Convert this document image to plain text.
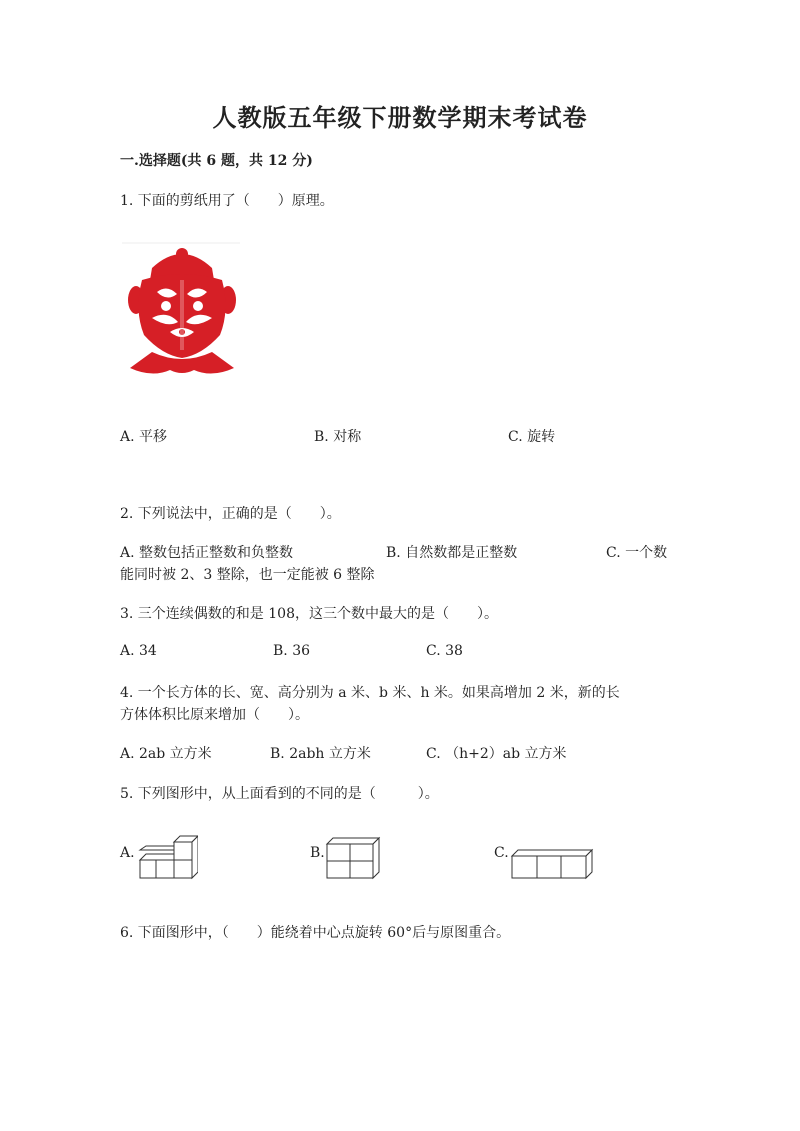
人教版五年级下册数学期末考试卷
一.选择题(共 6 题，共 12 分)
1. 下面的剪纸用了（　　）原理。
A. 平移	B. 对称	C. 旋转
2. 下列说法中，正确的是（　　）。
A. 整数包括正整数和负整数	B. 自然数都是正整数	C. 一个数
能同时被 2、3 整除，也一定能被 6 整除
3. 三个连续偶数的和是 108，这三个数中最大的是（　　）。
A. 34	B. 36	C. 38
4. 一个长方体的长、宽、高分别为 a 米、b 米、h 米。如果高增加 2 米，新的长
方体体积比原来增加（　　）。
A. 2ab 立方米	B. 2abh 立方米	C. （h+2）ab 立方米
5. 下列图形中，从上面看到的不同的是（　　　）。
A.	B.	C.
6. 下面图形中，（　　）能绕着中心点旋转 60°后与原图重合。
